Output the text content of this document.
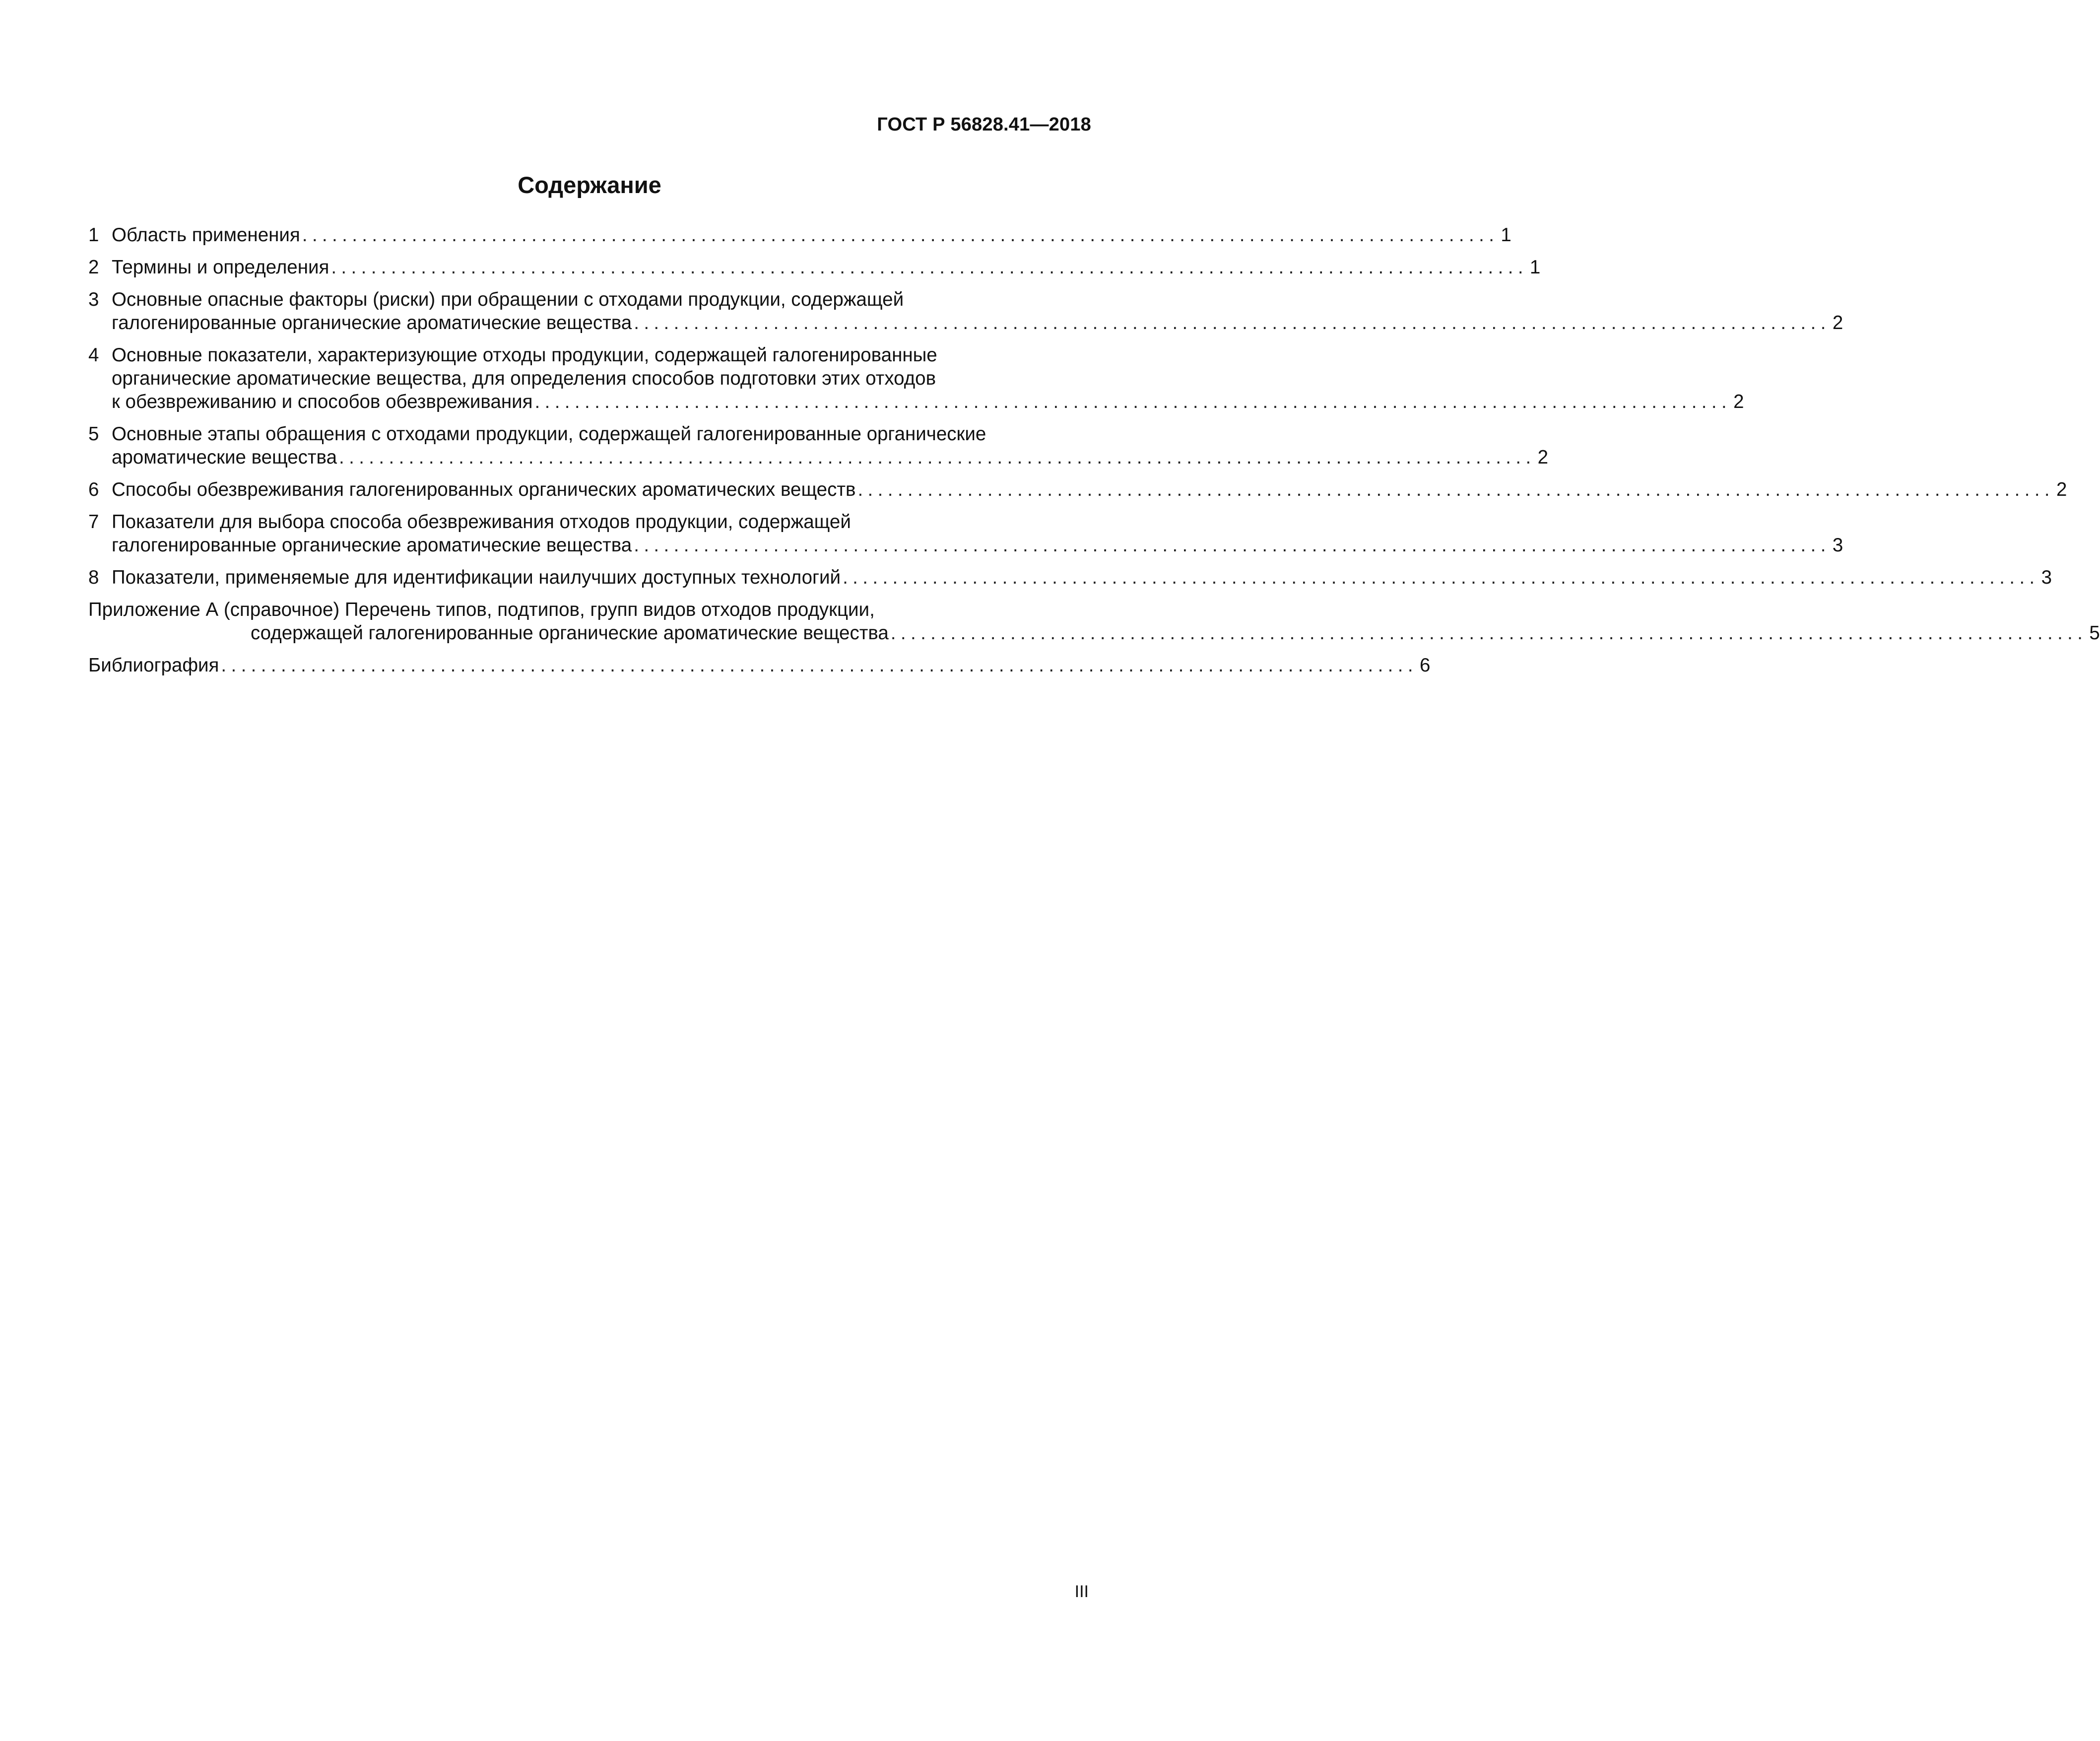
ГОСТ Р 56828.41—2018
Содержание
1 Область применения ........................................................................................................................ 1
2 Термины и определения ........................................................................................................................ 1
3 Основные опасные факторы (риски) при обращении с отходами продукции, содержащей
галогенированные органические ароматические вещества ........................................................................................................................ 2
4 Основные показатели, характеризующие отходы продукции, содержащей галогенированные
органические ароматические вещества, для определения способов подготовки этих отходов
к обезвреживанию и способов обезвреживания ........................................................................................................................ 2
5 Основные этапы обращения с отходами продукции, содержащей галогенированные органические
ароматические вещества ........................................................................................................................ 2
6 Способы обезвреживания галогенированных органических ароматических веществ ........................................................................................................................ 2
7 Показатели для выбора способа обезвреживания отходов продукции, содержащей
галогенированные органические ароматические вещества ........................................................................................................................ 3
8 Показатели, применяемые для идентификации наилучших доступных технологий ........................................................................................................................ 3
Приложение А (справочное) Перечень типов, подтипов, групп видов отходов продукции,
содержащей галогенированные органические ароматические вещества ........................................................................................................................ 5
Библиография ........................................................................................................................ 6
III
